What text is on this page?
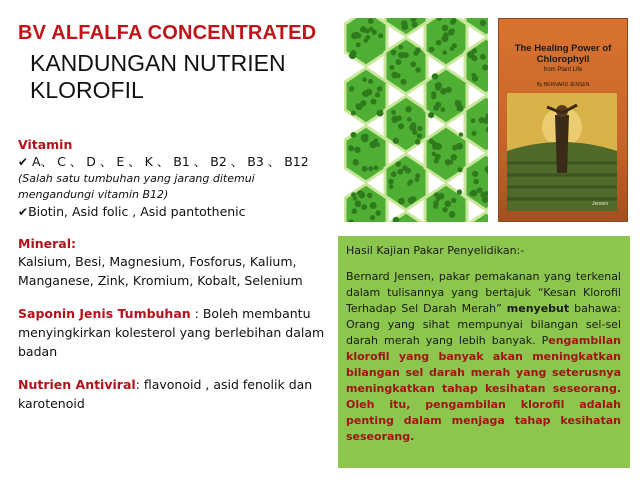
BV ALFALFA CONCENTRATED
KANDUNGAN NUTRIEN
KLOROFIL
The Healing Power of Chlorophyll
from Plant Life
By BERNARD JENSEN
Jensen
Vitamin
✔ A、 C 、 D 、 E 、 K 、 B1 、 B2 、 B3 、 B12
(Salah satu tumbuhan yang jarang ditemui
mengandungi vitamin B12)
✔Biotin, Asid folic , Asid pantothenic
Mineral:
Kalsium, Besi, Magnesium, Fosforus, Kalium,
Manganese, Zink, Kromium, Kobalt, Selenium
Saponin Jenis Tumbuhan : Boleh membantu
menyingkirkan kolesterol yang berlebihan dalam
badan
Nutrien Antiviral: flavonoid , asid fenolik dan
karotenoid
Hasil Kajian Pakar Penyelidikan:-
Bernard Jensen, pakar pemakanan yang terkenal dalam tulisannya yang bertajuk “Kesan Klorofil Terhadap Sel Darah Merah” menyebut bahawa: Orang yang sihat mempunyai bilangan sel-sel darah merah yang lebih banyak. Pengambilan klorofil yang banyak akan meningkatkan bilangan sel darah merah yang seterusnya meningkatkan tahap kesihatan seseorang. Oleh itu, pengambilan klorofil adalah penting dalam menjaga tahap kesihatan seseorang.
